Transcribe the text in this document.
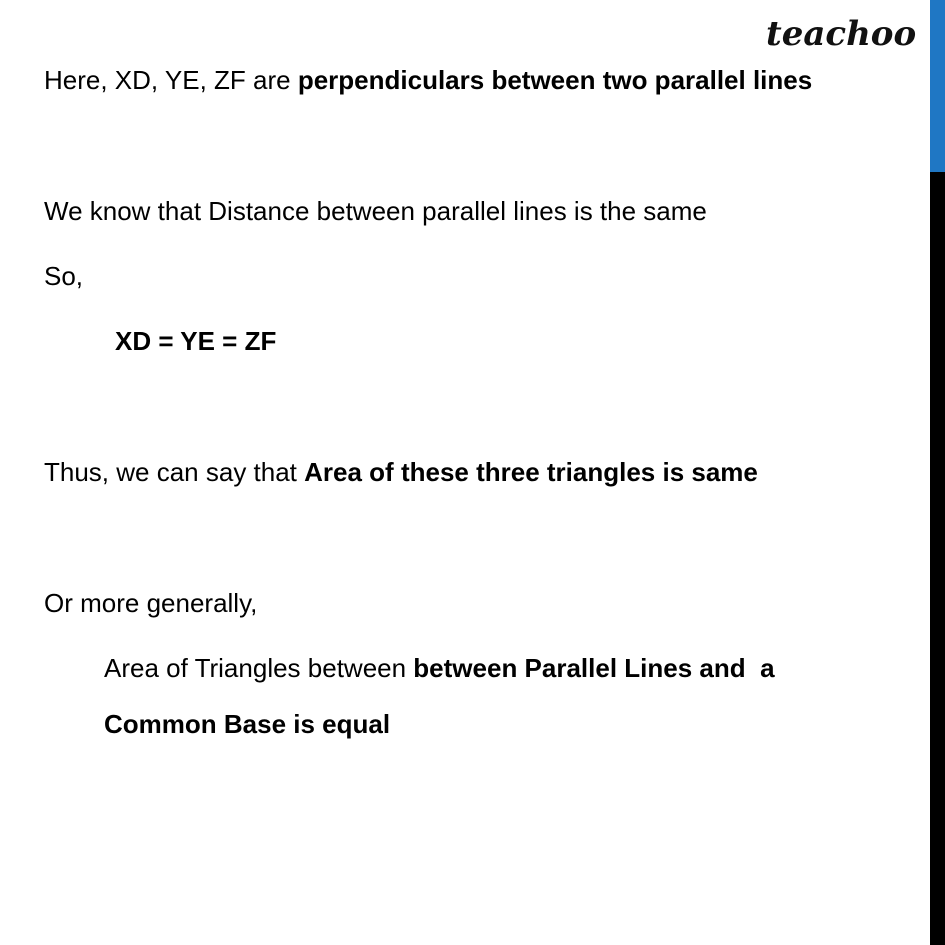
teachoo
Here, XD, YE, ZF are perpendiculars between two parallel lines
We know that Distance between parallel lines is the same
So,
XD = YE = ZF
Thus, we can say that Area of these three triangles is same
Or more generally,
Area of Triangles between between Parallel Lines and  a
Common Base is equal
